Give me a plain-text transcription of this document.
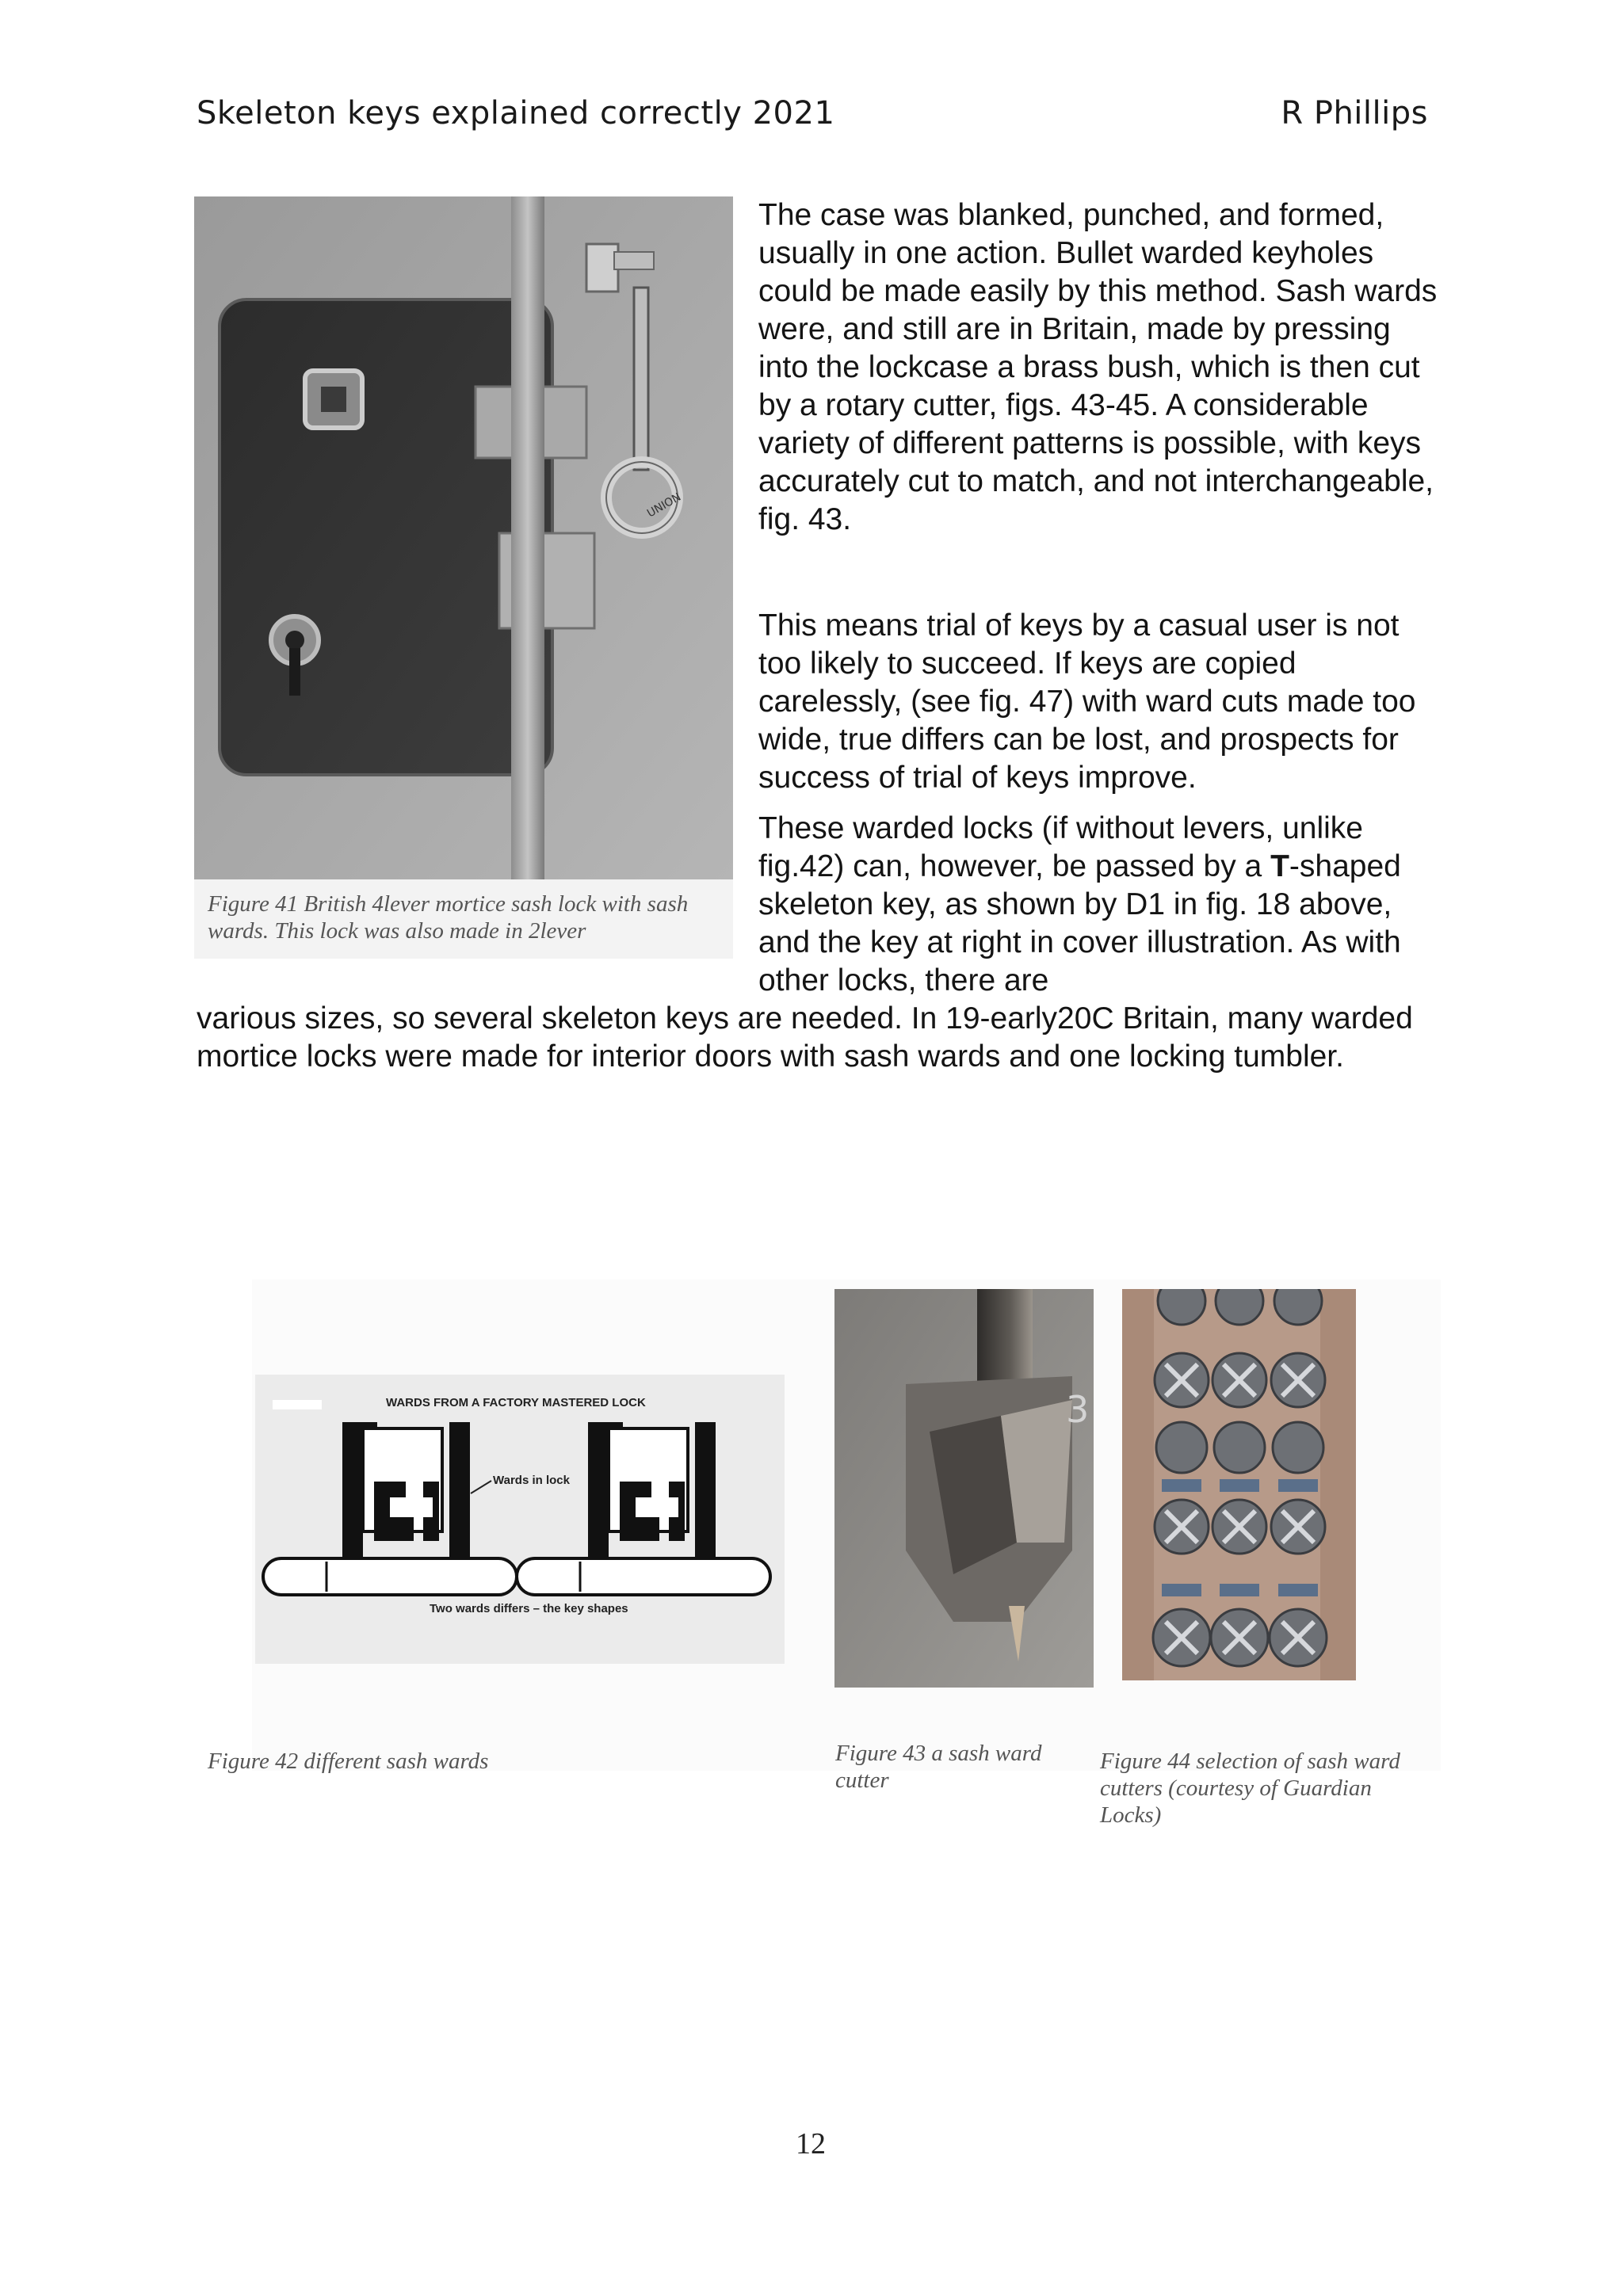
Skeleton keys explained correctly 2021	R Phillips
UNION
Figure 41 British 4lever mortice sash lock with sash wards. This lock was also made in 2lever
The case was blanked, punched, and formed, usually in one action. Bullet warded keyholes could be made easily by this method. Sash wards were, and still are in Britain, made by pressing into the lockcase a brass bush, which is then cut by a rotary cutter, figs. 43-45. A considerable variety of different patterns is possible, with keys accurately cut to match, and not interchangeable, fig. 43.
This means trial of keys by a casual user is not too likely to succeed. If keys are copied carelessly, (see fig. 47) with ward cuts made too wide, true differs can be lost, and prospects for success of trial of keys improve.
These warded locks (if without levers, unlike fig.42) can, however, be passed by a T-shaped skeleton key, as shown by D1 in fig. 18 above, and the key at right in cover illustration. As with other locks, there are
various sizes, so several skeleton keys are needed. In 19-early20C Britain, many warded mortice locks were made for interior doors with sash wards and one locking tumbler.
WARDS FROM A FACTORY MASTERED LOCK
Wards in lock
Two wards differs – the key shapes
Figure 42 different sash wards
3
Figure 43 a sash ward cutter
Figure 44 selection of sash ward cutters (courtesy of Guardian Locks)
12
